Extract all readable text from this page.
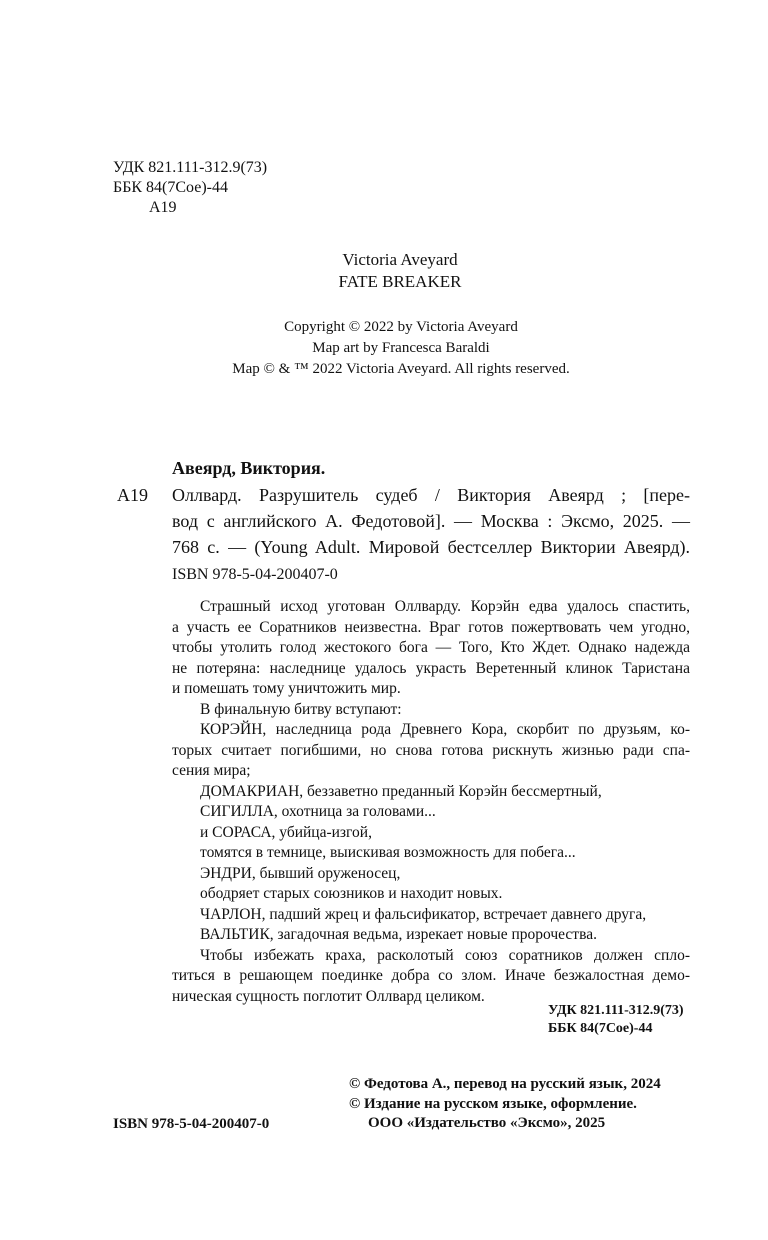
УДК 821.111-312.9(73)
ББК 84(7Сое)-44
А19
Victoria Aveyard
FATE BREAKER
Copyright © 2022 by Victoria Aveyard
Map art by Francesca Baraldi
Map © & ™ 2022 Victoria Aveyard. All rights reserved.
Авеярд, Виктория.
А19 Оллвард. Разрушитель судеб / Виктория Авеярд ; [пере-
вод с английского А. Федотовой]. — Москва : Эксмо, 2025. —
768 с. — (Young Adult. Мировой бестселлер Виктории Авеярд).
ISBN 978-5-04-200407-0
Страшный исход уготован Оллварду. Корэйн едва удалось спастить,
а участь ее Соратников неизвестна. Враг готов пожертвовать чем угодно,
чтобы утолить голод жестокого бога — Того, Кто Ждет. Однако надежда
не потеряна: наследнице удалось украсть Веретенный клинок Таристана
и помешать тому уничтожить мир.
В финальную битву вступают:
КОРЭЙН, наследница рода Древнего Кора, скорбит по друзьям, ко-
торых считает погибшими, но снова готова рискнуть жизнью ради спа-
сения мира;
ДОМАКРИАН, беззаветно преданный Корэйн бессмертный,
СИГИЛЛА, охотница за головами...
и СОРАСА, убийца-изгой,
томятся в темнице, выискивая возможность для побега...
ЭНДРИ, бывший оруженосец,
ободряет старых союзников и находит новых.
ЧАРЛОН, падший жрец и фальсификатор, встречает давнего друга,
ВАЛЬТИК, загадочная ведьма, изрекает новые пророчества.
Чтобы избежать краха, расколотый союз соратников должен спло-
титься в решающем поединке добра со злом. Иначе безжалостная демо-
ническая сущность поглотит Оллвард целиком.
УДК 821.111-312.9(73)
ББК 84(7Сое)-44
ISBN 978-5-04-200407-0
© Федотова А., перевод на русский язык, 2024
© Издание на русском языке, оформление.
ООО «Издательство «Эксмо», 2025
